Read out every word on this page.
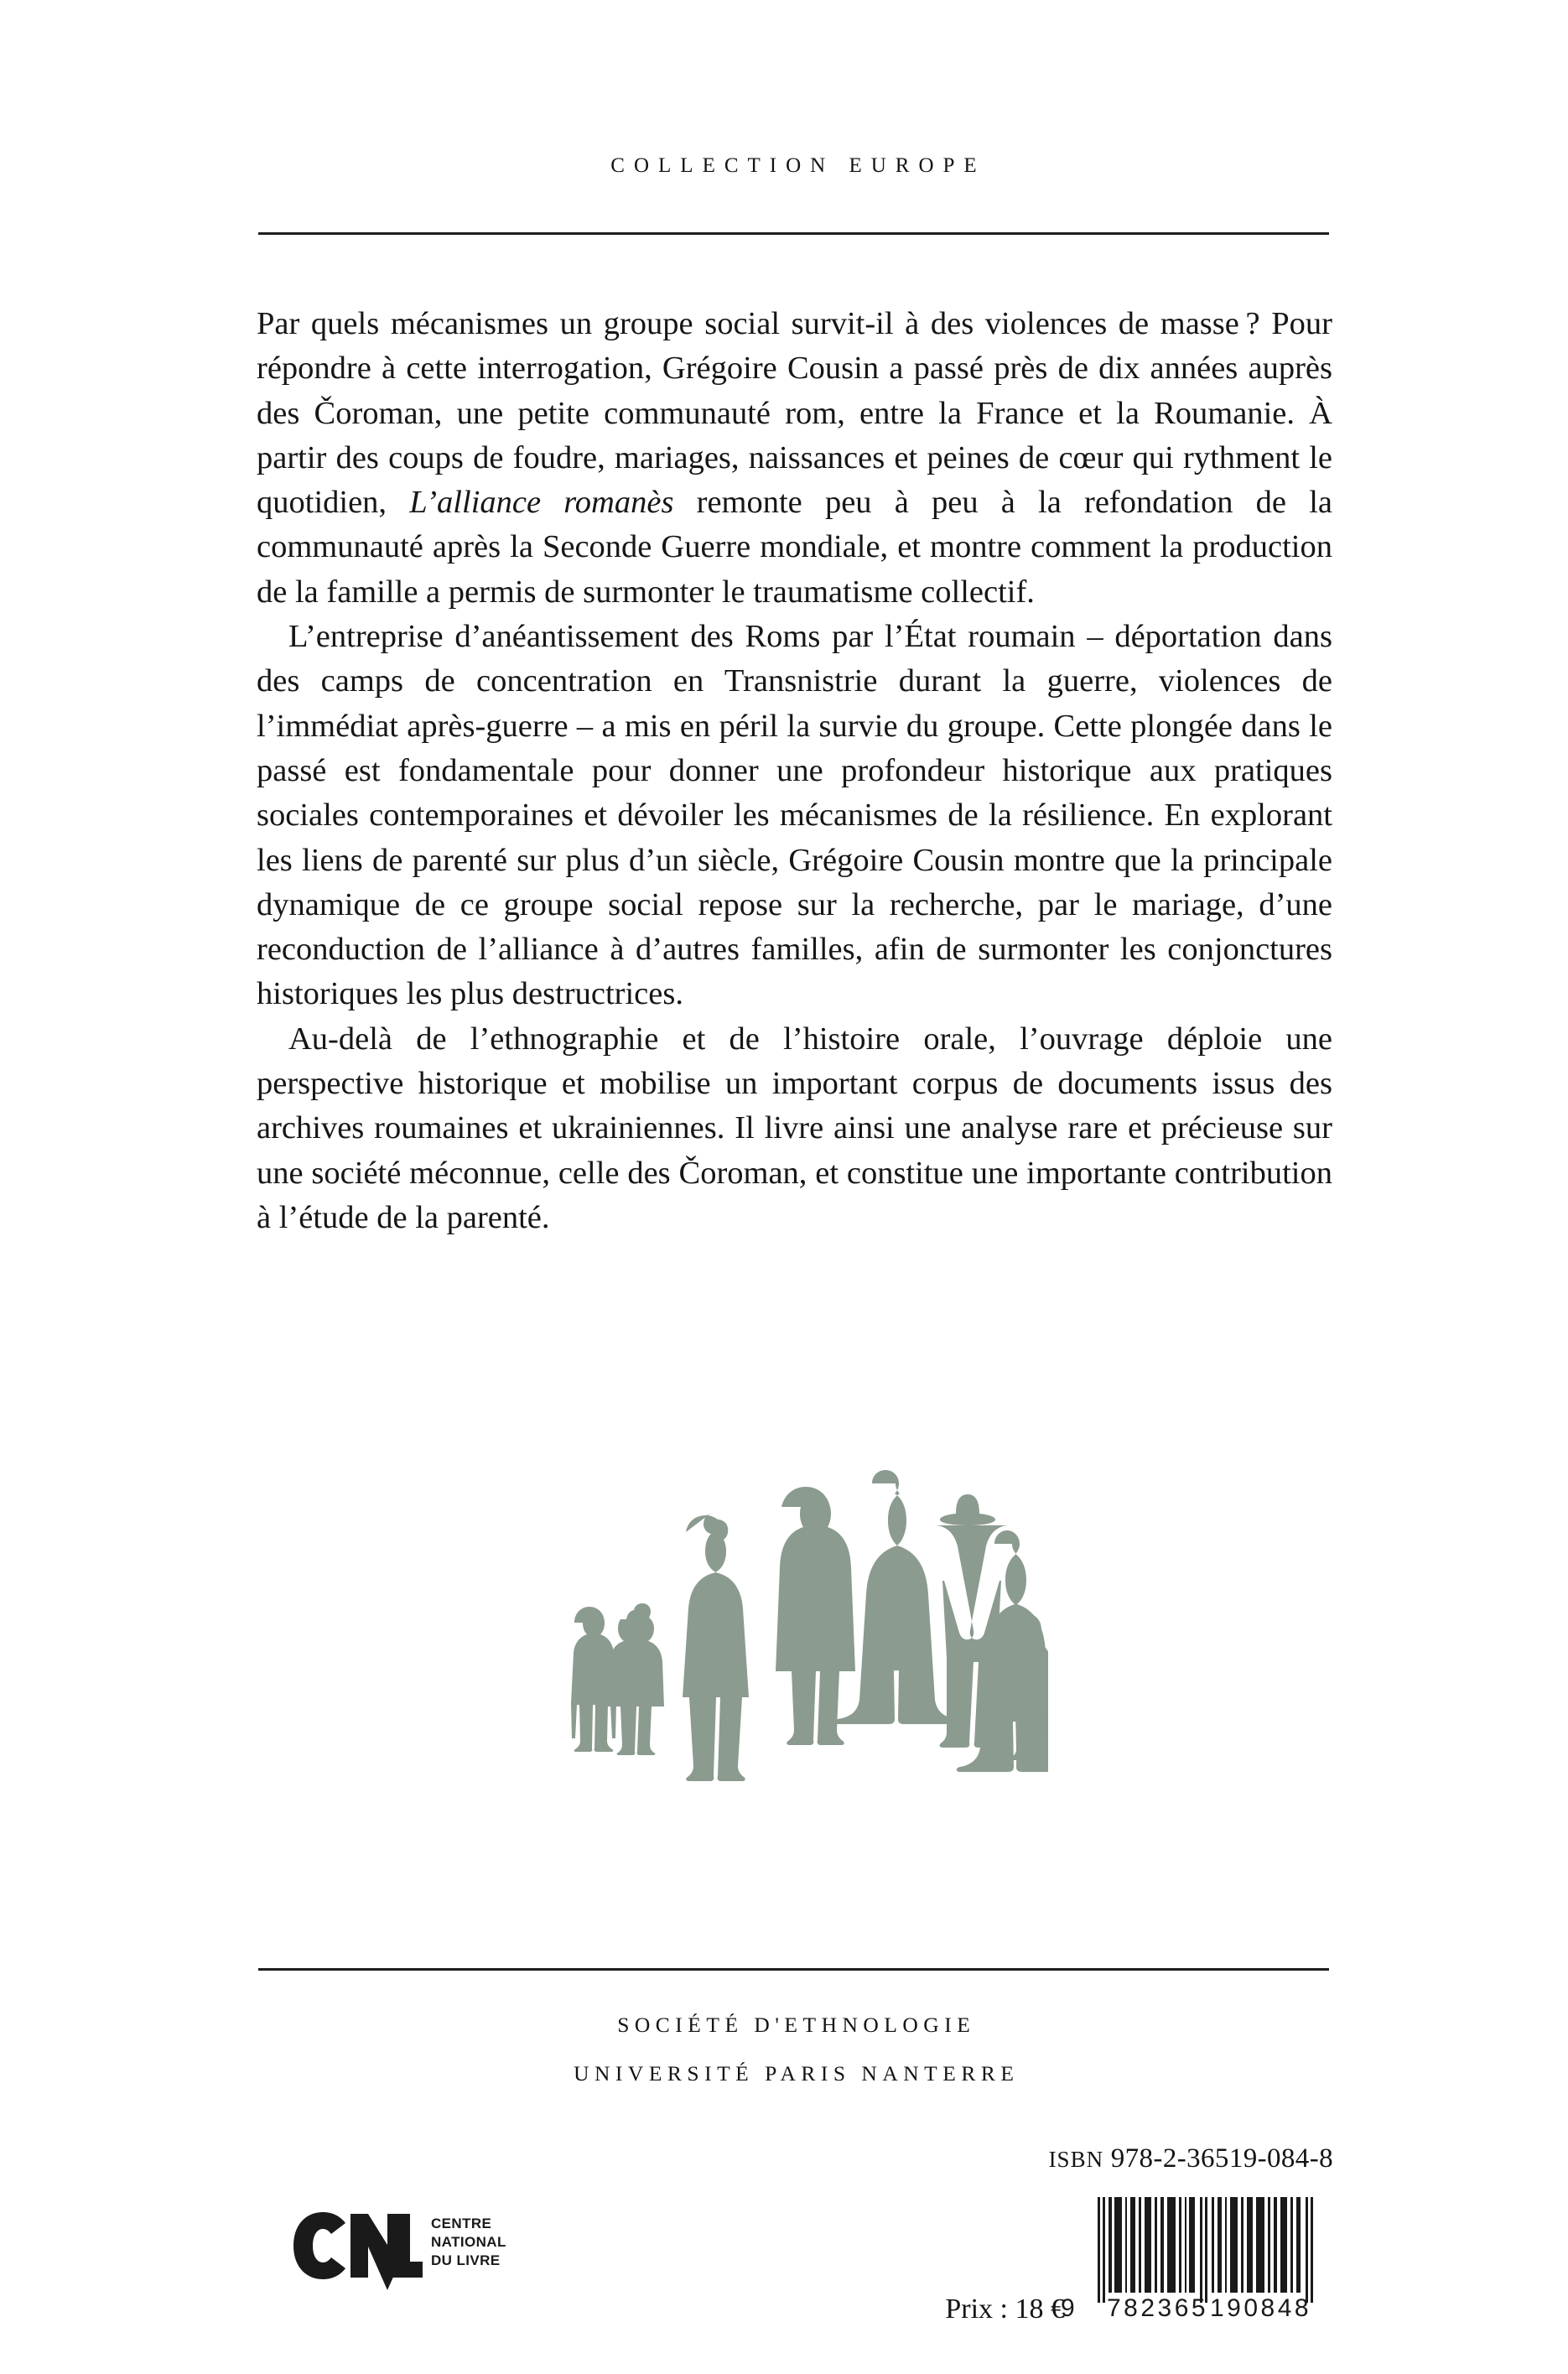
COLLECTION EUROPE

Par quels mécanismes un groupe social survit-il à des violences de masse ? Pour répondre à cette interrogation, Grégoire Cousin a passé près de dix années auprès des Čoroman, une petite communauté rom, entre la France et la Roumanie. À partir des coups de foudre, mariages, naissances et peines de cœur qui rythment le quotidien, L’alliance romanès remonte peu à peu à la refondation de la communauté après la Seconde Guerre mondiale, et montre comment la production de la famille a permis de surmonter le traumatisme collectif.

L’entreprise d’anéantissement des Roms par l’État roumain – déportation dans des camps de concentration en Transnistrie durant la guerre, violences de l’immédiat après-guerre – a mis en péril la survie du groupe. Cette plongée dans le passé est fondamentale pour donner une profondeur historique aux pratiques sociales contemporaines et dévoiler les mécanismes de la résilience. En explorant les liens de parenté sur plus d’un siècle, Grégoire Cousin montre que la principale dynamique de ce groupe social repose sur la recherche, par le mariage, d’une reconduction de l’alliance à d’autres familles, afin de surmonter les conjonctures historiques les plus destructrices.

Au-delà de l’ethnographie et de l’histoire orale, l’ouvrage déploie une perspective historique et mobilise un important corpus de documents issus des archives roumaines et ukrainiennes. Il livre ainsi une analyse rare et précieuse sur une société méconnue, celle des Čoroman, et constitue une importante contribution à l’étude de la parenté.

SOCIÉTÉ D'ETHNOLOGIE
UNIVERSITÉ PARIS NANTERRE
CENTRE
NATIONAL
DU LIVRE
ISBN 978-2-36519-084-8
Prix : 18 €
9 782365 190848
